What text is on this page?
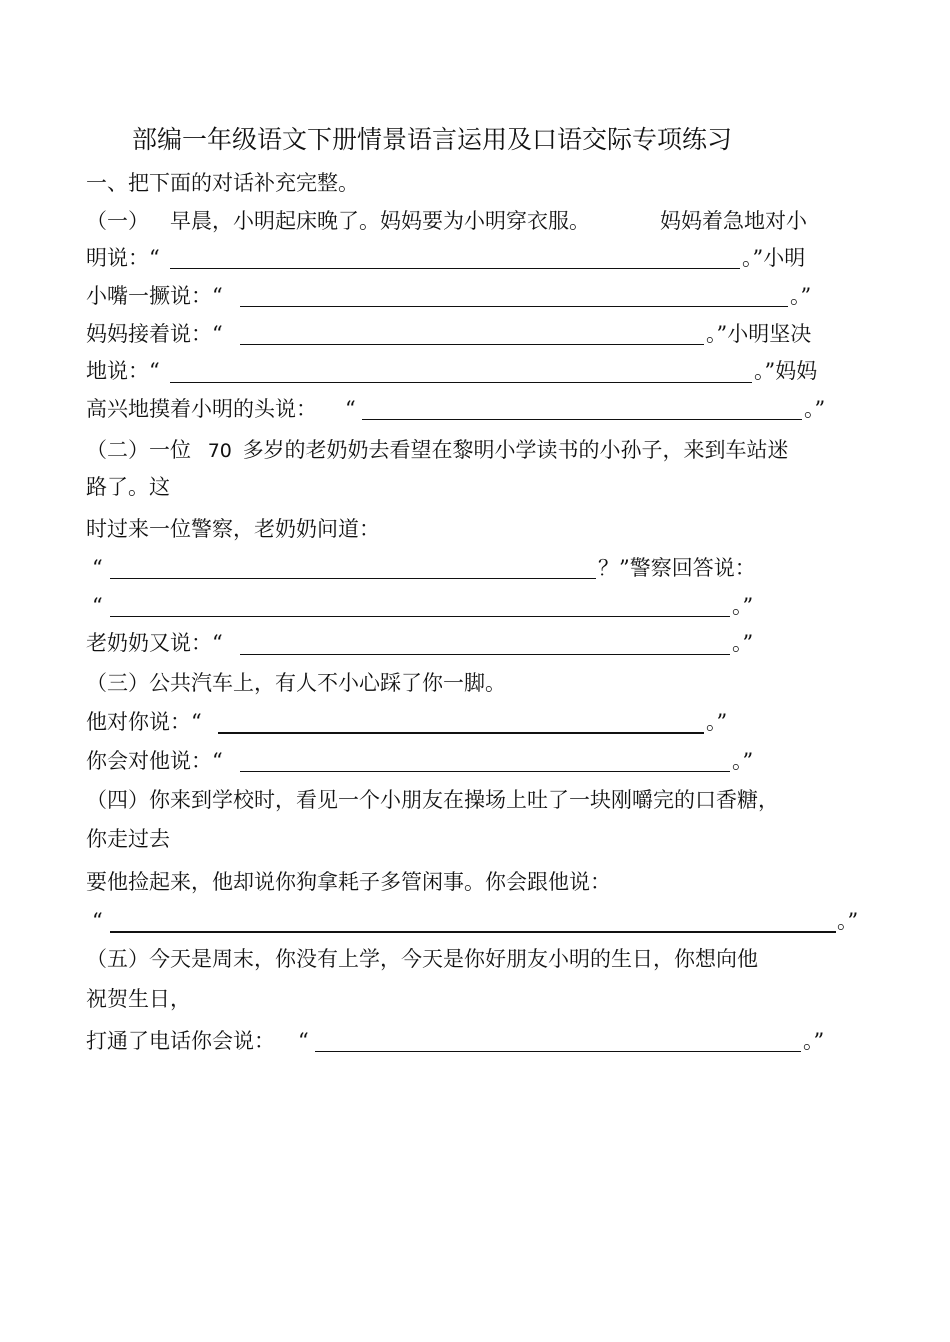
部编一年级语文下册情景语言运用及口语交际专项练习
一、把下面的对话补充完整。
（一） 早晨，小明起床晚了。妈妈要为小明穿衣服。	妈妈着急地对小
明说：“	。”小明
小嘴一撅说：“	。”
妈妈接着说：“	。”小明坚决
地说：“	。”妈妈
高兴地摸着小明的头说： “	。”
（二）一位 70 多岁的老奶奶去看望在黎明小学读书的小孙子，来到车站迷
路了。这
时过来一位警察，老奶奶问道：
“	？”警察回答说：
“	。”
老奶奶又说：“	。”
（三）公共汽车上，有人不小心踩了你一脚。
他对你说：“	。”
你会对他说：“	。”
（四）你来到学校时，看见一个小朋友在操场上吐了一块刚嚼完的口香糖，
你走过去
要他捡起来，他却说你狗拿耗子多管闲事。你会跟他说：
“	。”
（五）今天是周末，你没有上学，今天是你好朋友小明的生日，你想向他
祝贺生日，
打通了电话你会说： “	。”
